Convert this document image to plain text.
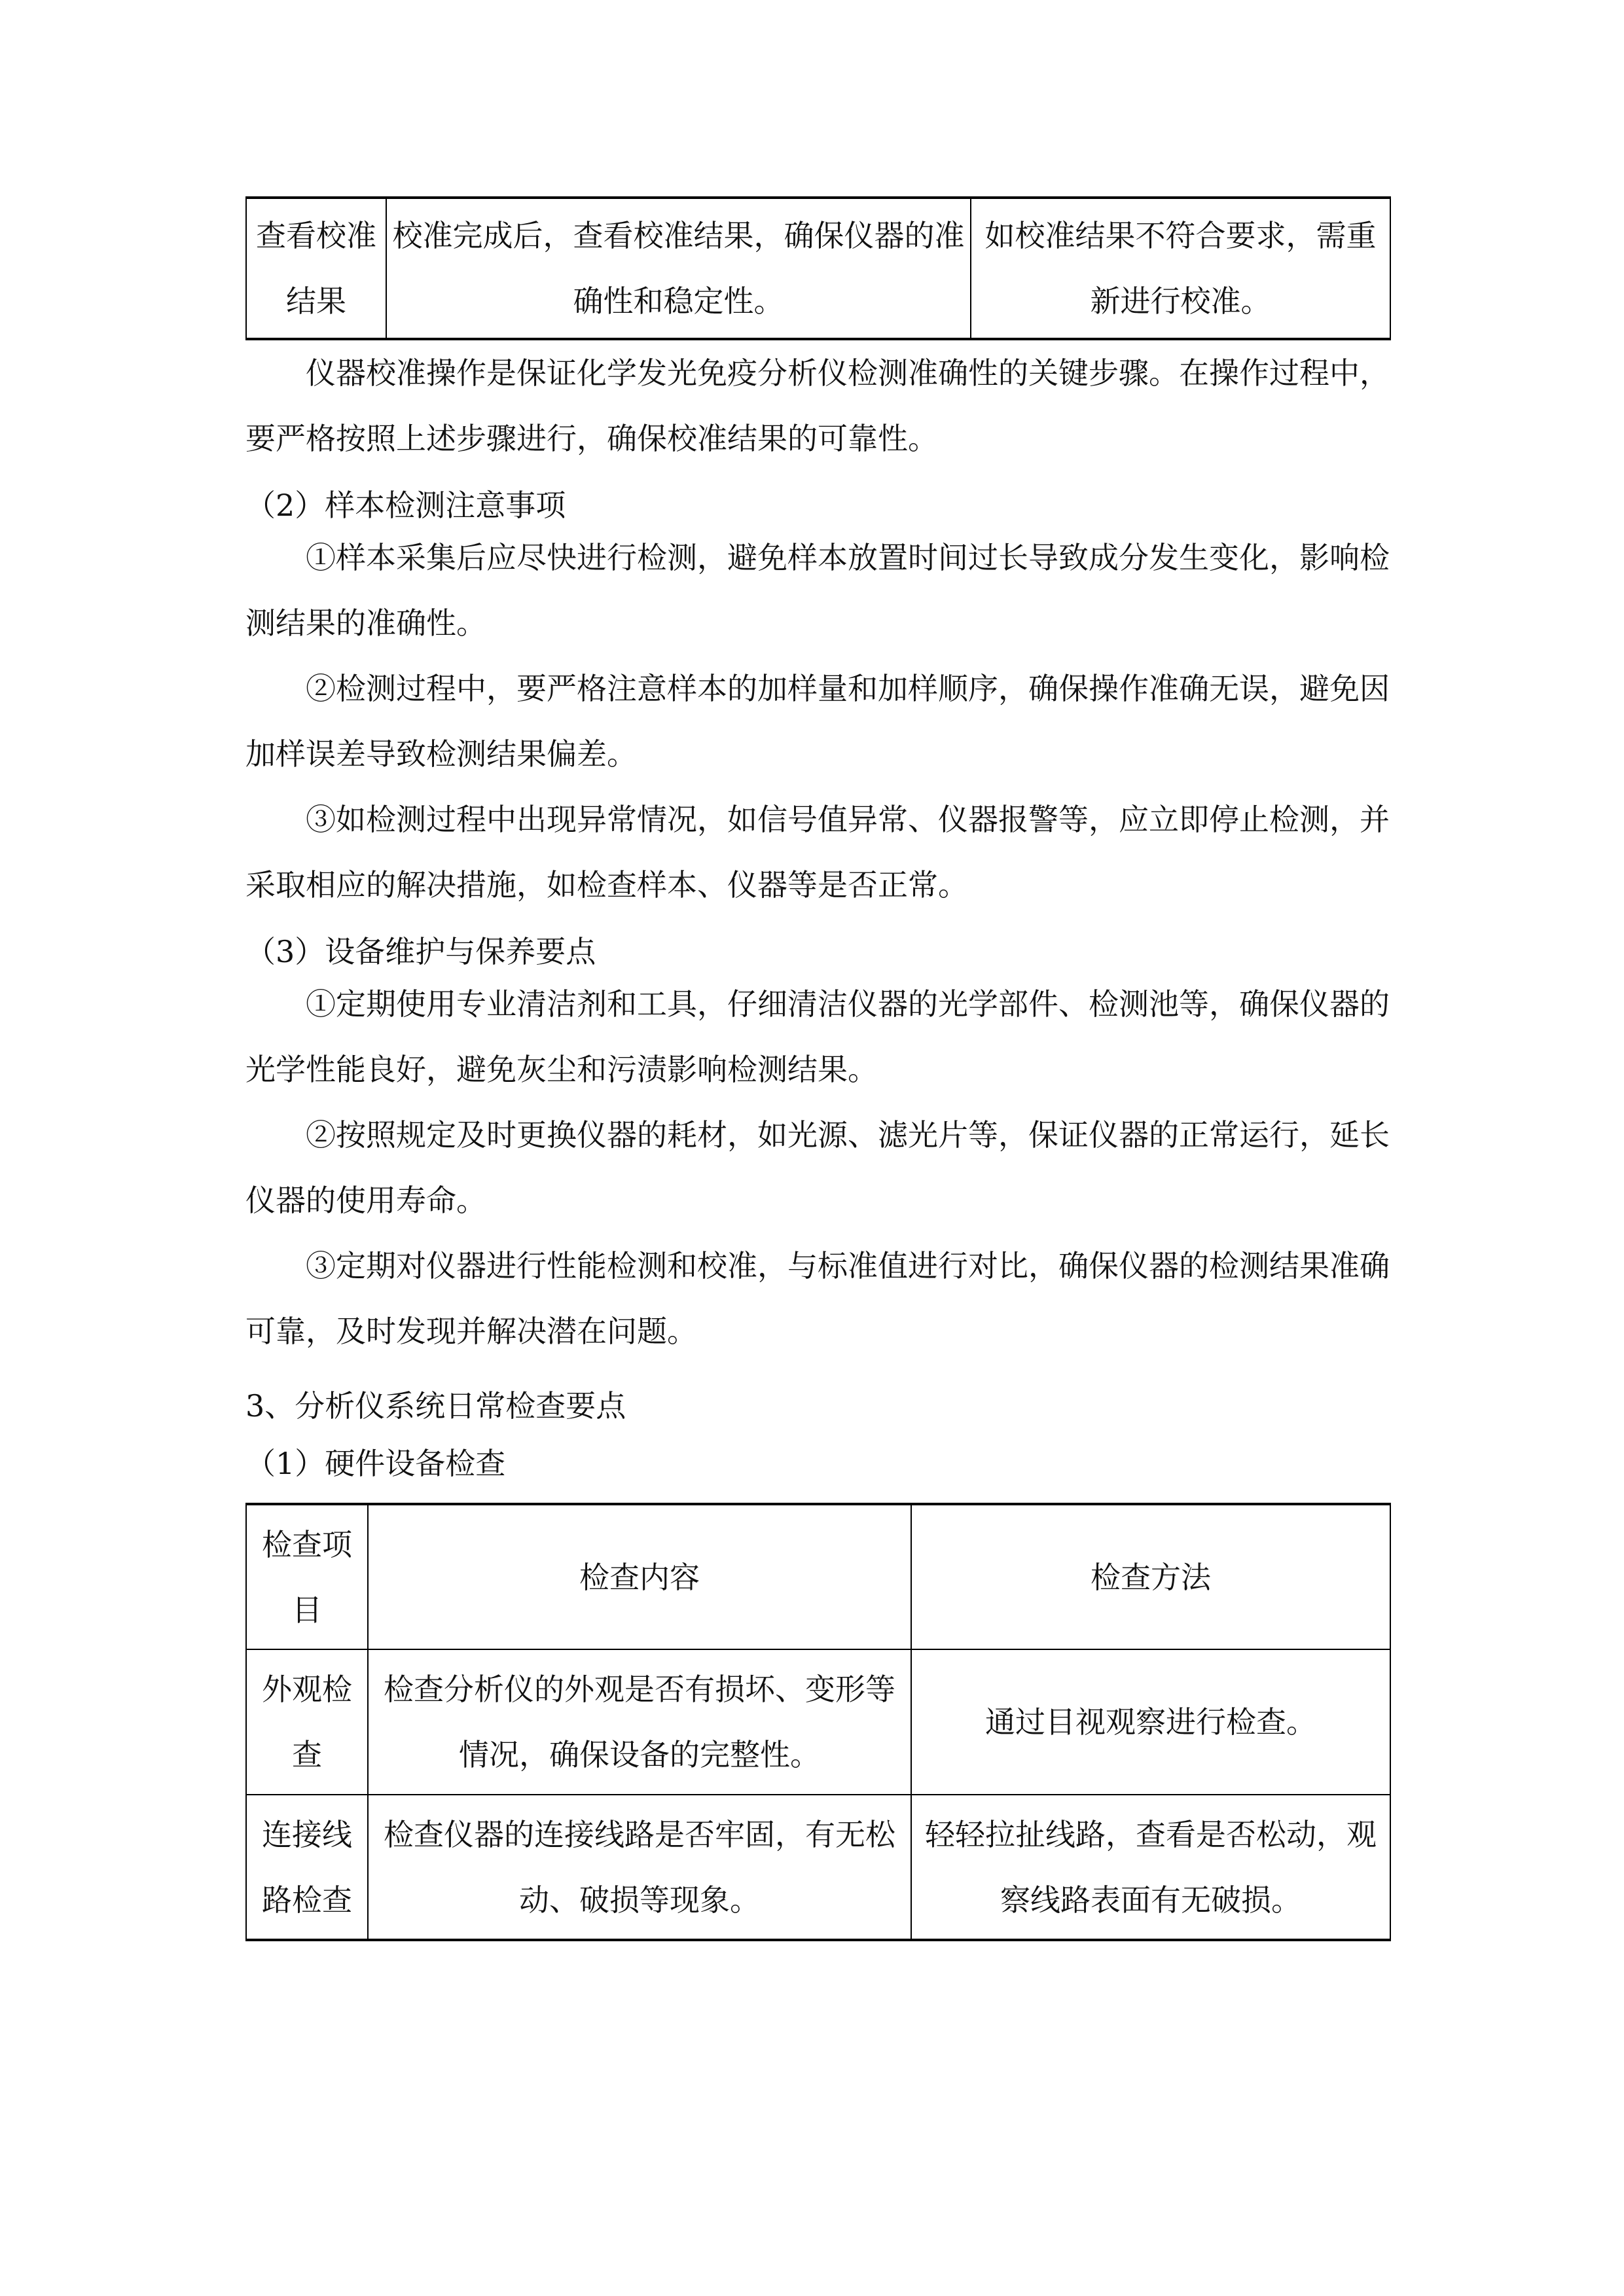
查看校准结果	校准完成后，查看校准结果，确保仪器的准确性和稳定性。	如校准结果不符合要求，需重新进行校准。

仪器校准操作是保证化学发光免疫分析仪检测准确性的关键步骤。在操作过程中，要严格按照上述步骤进行，确保校准结果的可靠性。

（2）样本检测注意事项

①样本采集后应尽快进行检测，避免样本放置时间过长导致成分发生变化，影响检测结果的准确性。

②检测过程中，要严格注意样本的加样量和加样顺序，确保操作准确无误，避免因加样误差导致检测结果偏差。

③如检测过程中出现异常情况，如信号值异常、仪器报警等，应立即停止检测，并采取相应的解决措施，如检查样本、仪器等是否正常。

（3）设备维护与保养要点

①定期使用专业清洁剂和工具，仔细清洁仪器的光学部件、检测池等，确保仪器的光学性能良好，避免灰尘和污渍影响检测结果。

②按照规定及时更换仪器的耗材，如光源、滤光片等，保证仪器的正常运行，延长仪器的使用寿命。

③定期对仪器进行性能检测和校准，与标准值进行对比，确保仪器的检测结果准确可靠，及时发现并解决潜在问题。

3、分析仪系统日常检查要点

（1）硬件设备检查

检查项目	检查内容	检查方法
外观检查	检查分析仪的外观是否有损坏、变形等情况，确保设备的完整性。	通过目视观察进行检查。
连接线路检查	检查仪器的连接线路是否牢固，有无松动、破损等现象。	轻轻拉扯线路，查看是否松动，观察线路表面有无破损。
